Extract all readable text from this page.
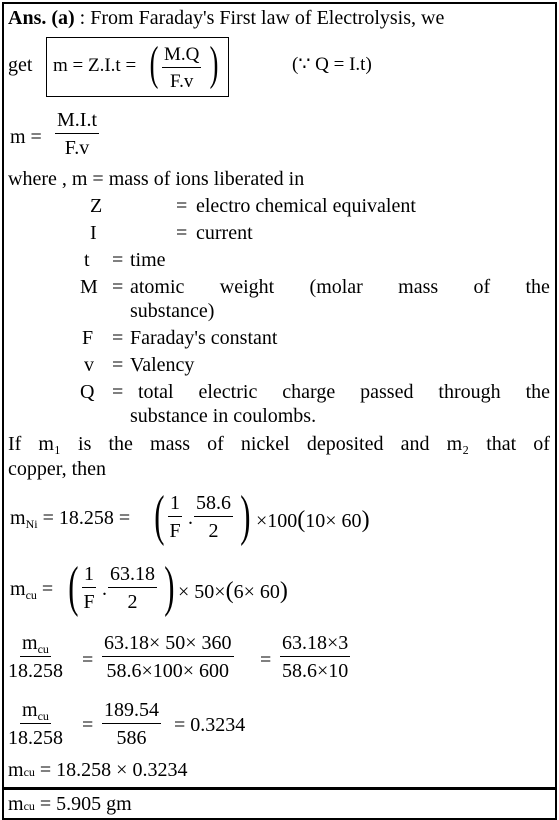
Ans. (a) : From Faraday's First law of Electrolysis, we
get m = Z.I.t = ( $\frac{M.Q}{F.v}$ )	(∵ Q = I.t)
$m = \frac{M.I.t}{F.v}$
where , m = mass of ions liberated in
Z	= electro chemical equivalent
I	= current
t = time
M = atomic weight (molar mass of the
substance)
F = Faraday's constant
v = Valency
Q = total electric charge passed through the
substance in coulombs.
If m₁ is the mass of nickel deposited and m₂ that of
copper, then
$m_{Ni} = 18.258$ = ( $\frac{1}{F}$ . $\frac{58.6}{2}$ ) ×100(10× 60)
$m_{cu}$ = ( $\frac{1}{F}$ . $\frac{63.18}{2}$ ) × 50×(6× 60)
$m_{cu}$
$18.258 = \frac{63.18\times 50\times 360}{58.6\times 100\times 600} = \frac{63.18\times 3}{58.6\times 10}$
$m_{cu}$
18.258
= $\frac{189.54}{586} = 0.3234$
mcu = 18.258 × 0.3234
mcu = 5.905 gm
